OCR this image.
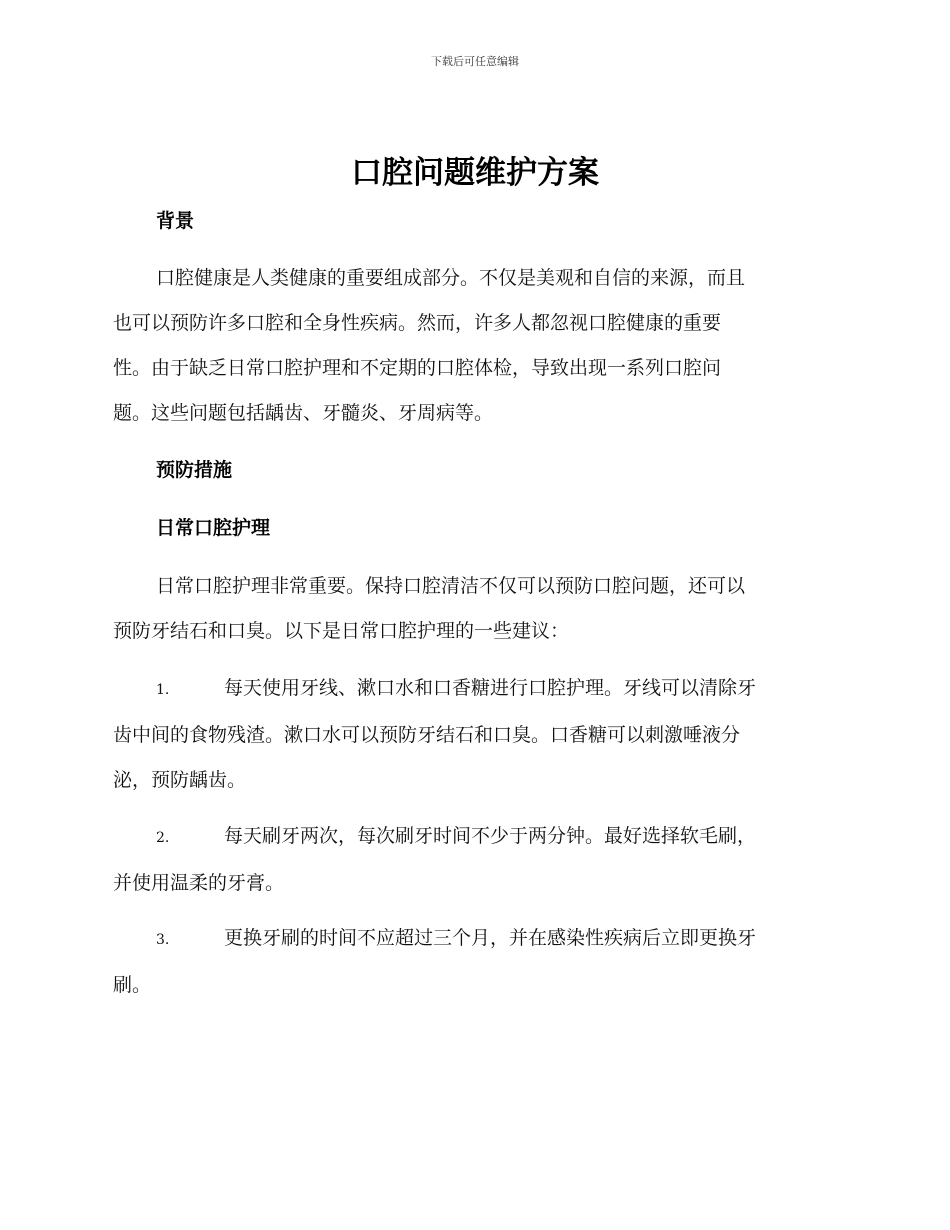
下载后可任意编辑
口腔问题维护方案
背景

口腔健康是人类健康的重要组成部分。不仅是美观和自信的来源，而且
也可以预防许多口腔和全身性疾病。然而，许多人都忽视口腔健康的重要
性。由于缺乏日常口腔护理和不定期的口腔体检，导致出现一系列口腔问
题。这些问题包括龋齿、牙髓炎、牙周病等。

预防措施
日常口腔护理

日常口腔护理非常重要。保持口腔清洁不仅可以预防口腔问题，还可以
预防牙结石和口臭。以下是日常口腔护理的一些建议：

1.	每天使用牙线、漱口水和口香糖进行口腔护理。牙线可以清除牙
齿中间的食物残渣。漱口水可以预防牙结石和口臭。口香糖可以刺激唾液分
泌，预防龋齿。
2.	每天刷牙两次，每次刷牙时间不少于两分钟。最好选择软毛刷，
并使用温柔的牙膏。
3.	更换牙刷的时间不应超过三个月，并在感染性疾病后立即更换牙
刷。
